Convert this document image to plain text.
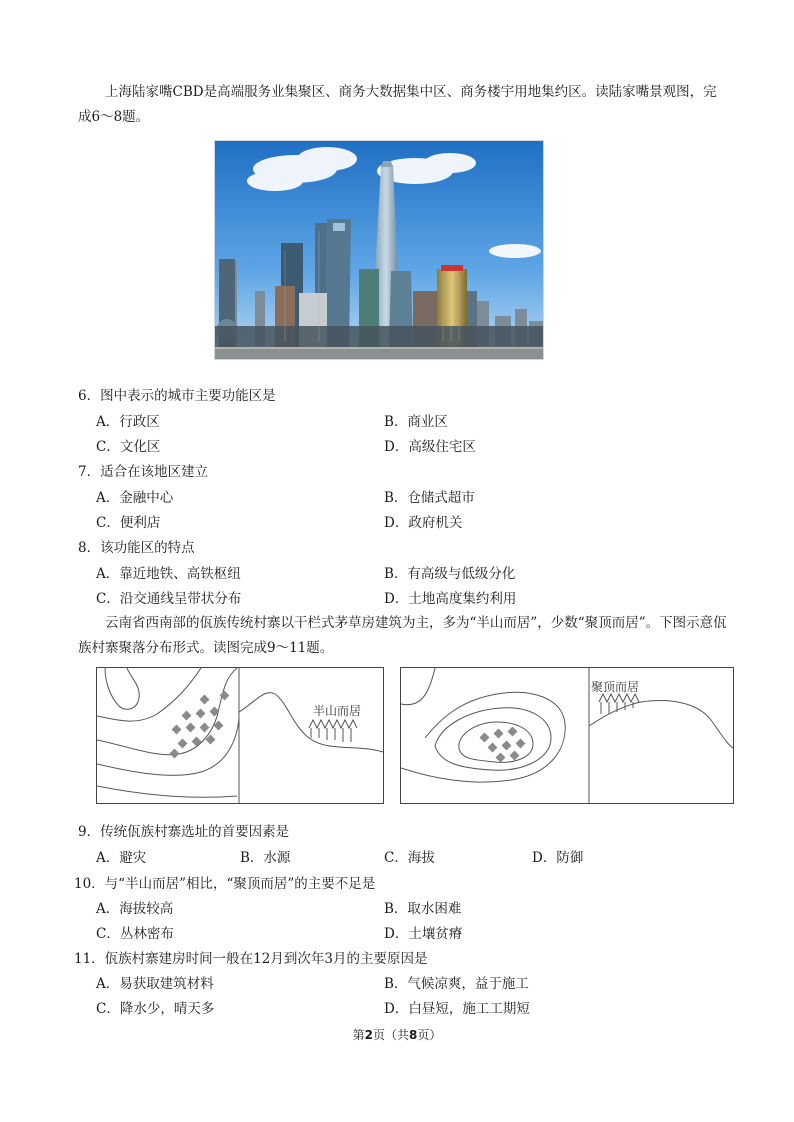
上海陆家嘴CBD是高端服务业集聚区、商务大数据集中区、商务楼宇用地集约区。读陆家嘴景观图，完成6～8题。
6．图中表示的城市主要功能区是
A．行政区	B．商业区
C．文化区	D．高级住宅区
7．适合在该地区建立
A．金融中心	B．仓储式超市
C．便利店	D．政府机关
8．该功能区的特点
A．靠近地铁、高铁枢纽	B．有高级与低级分化
C．沿交通线呈带状分布	D．土地高度集约利用
云南省西南部的佤族传统村寨以干栏式茅草房建筑为主，多为“半山而居”，少数“聚顶而居”。下图示意佤族村寨聚落分布形式。读图完成9～11题。
半山而居
聚顶而居
9．传统佤族村寨选址的首要因素是
A．避灾	B．水源	C．海拔	D．防御
10．与“半山而居”相比，“聚顶而居”的主要不足是
A．海拔较高	B．取水困难
C．丛林密布	D．土壤贫瘠
11．佤族村寨建房时间一般在12月到次年3月的主要原因是
A．易获取建筑材料	B．气候凉爽，益于施工
C．降水少，晴天多	D．白昼短，施工工期短
第2页（共8页）
